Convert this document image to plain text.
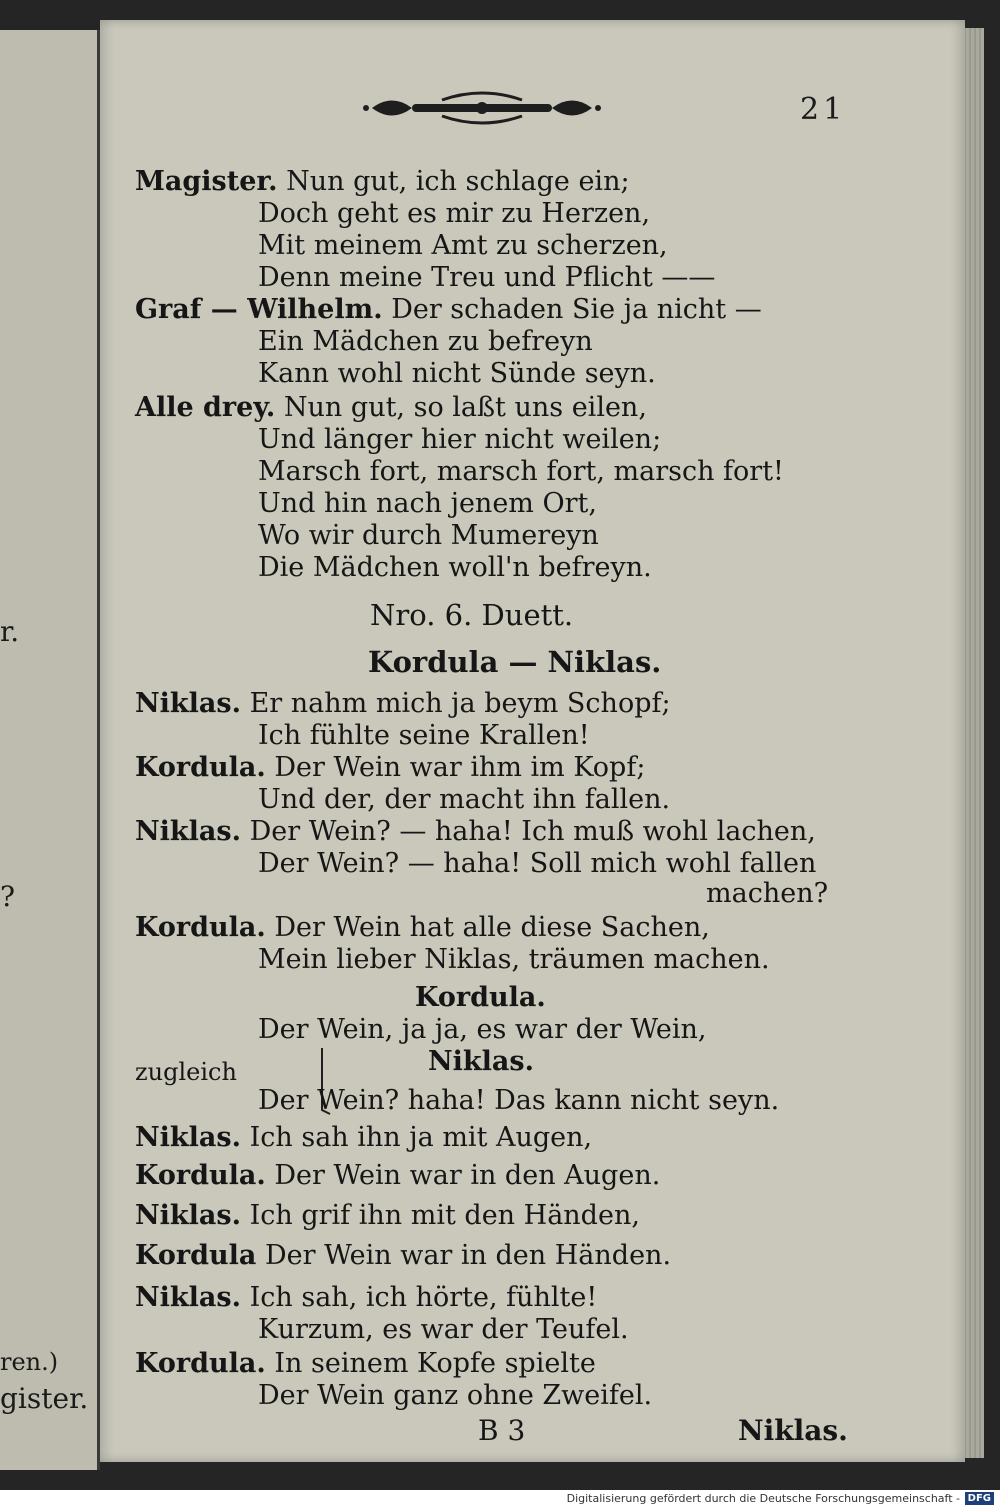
r.
?
ren.)
gister.
21
Magister. Nun gut, ich schlage ein;
Doch geht es mir zu Herzen,
Mit meinem Amt zu scherzen,
Denn meine Treu und Pflicht ——
Graf — Wilhelm. Der schaden Sie ja nicht —
Ein Mädchen zu befreyn
Kann wohl nicht Sünde seyn.
Alle drey. Nun gut, so laßt uns eilen,
Und länger hier nicht weilen;
Marsch fort, marsch fort, marsch fort!
Und hin nach jenem Ort,
Wo wir durch Mumereyn
Die Mädchen woll'n befreyn.
Nro. 6. Duett.
Kordula — Niklas.
Niklas. Er nahm mich ja beym Schopf;
Ich fühlte seine Krallen!
Kordula. Der Wein war ihm im Kopf;
Und der, der macht ihn fallen.
Niklas. Der Wein? — haha! Ich muß wohl lachen,
Der Wein? — haha! Soll mich wohl fallen
machen?
Kordula. Der Wein hat alle diese Sachen,
Mein lieber Niklas, träumen machen.
Kordula.
Der Wein, ja ja, es war der Wein,
zugleich	Niklas.
Der Wein? haha! Das kann nicht seyn.
Niklas. Ich sah ihn ja mit Augen,
Kordula. Der Wein war in den Augen.
Niklas. Ich grif ihn mit den Händen,
Kordula Der Wein war in den Händen.
Niklas. Ich sah, ich hörte, fühlte!
Kurzum, es war der Teufel.
Kordula. In seinem Kopfe spielte
Der Wein ganz ohne Zweifel.
B 3	Niklas.
Digitalisierung gefördert durch die Deutsche Forschungsgemeinschaft - DFG
